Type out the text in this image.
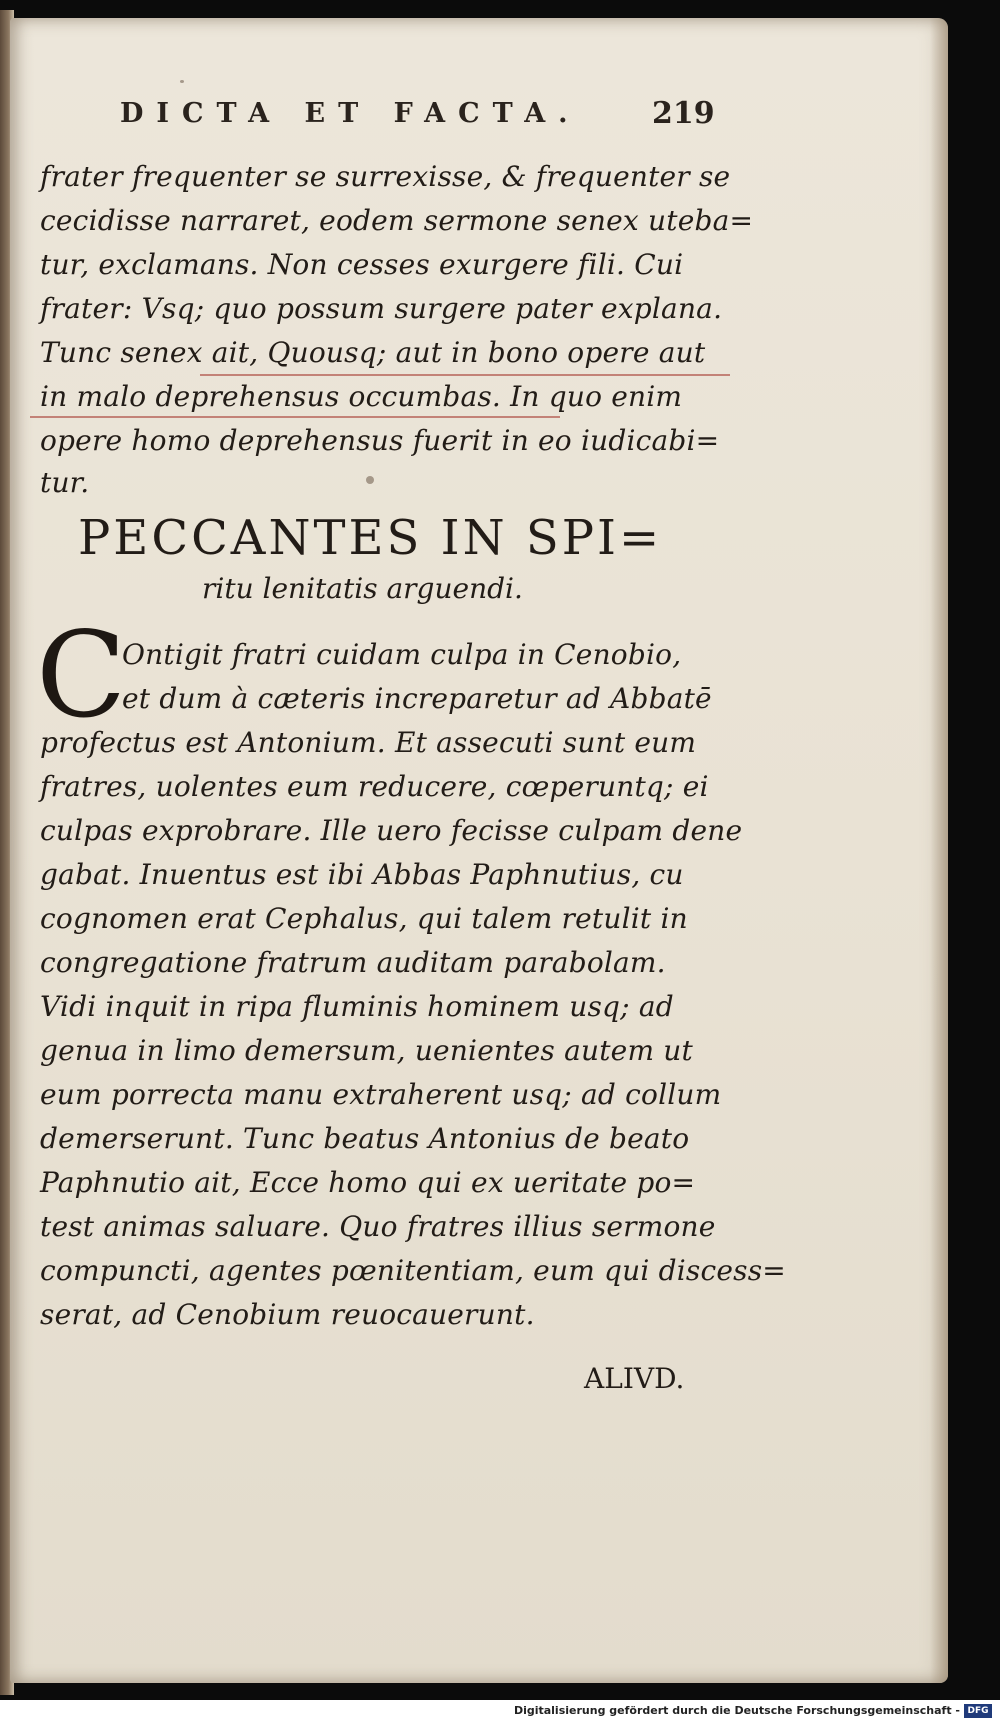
DICTA ET FACTA.	219
frater frequenter se surrexisse, & frequenter se
cecidisse narraret, eodem sermone senex uteba=
tur, exclamans. Non cesses exurgere fili. Cui
frater: Vsq; quo possum surgere pater explana.
Tunc senex ait, Quousq; aut in bono opere aut
in malo deprehensus occumbas. In quo enim
opere homo deprehensus fuerit in eo iudicabi=
tur.
PECCANTES IN SPI=
ritu lenitatis arguendi.
C
Ontigit fratri cuidam culpa in Cenobio,
et dum à cæteris increparetur ad Abbatē
profectus est Antonium. Et assecuti sunt eum
fratres, uolentes eum reducere, cœperuntq; ei
culpas exprobrare. Ille uero fecisse culpam dene
gabat. Inuentus est ibi Abbas Paphnutius, cu
cognomen erat Cephalus, qui talem retulit in
congregatione fratrum auditam parabolam.
Vidi inquit in ripa fluminis hominem usq; ad
genua in limo demersum, uenientes autem ut
eum porrecta manu extraherent usq; ad collum
demerserunt. Tunc beatus Antonius de beato
Paphnutio ait, Ecce homo qui ex ueritate po=
test animas saluare. Quo fratres illius sermone
compuncti, agentes pœnitentiam, eum qui discess=
serat, ad Cenobium reuocauerunt.
ALIVD.
Digitalisierung gefördert durch die Deutsche Forschungsgemeinschaft - DFG
